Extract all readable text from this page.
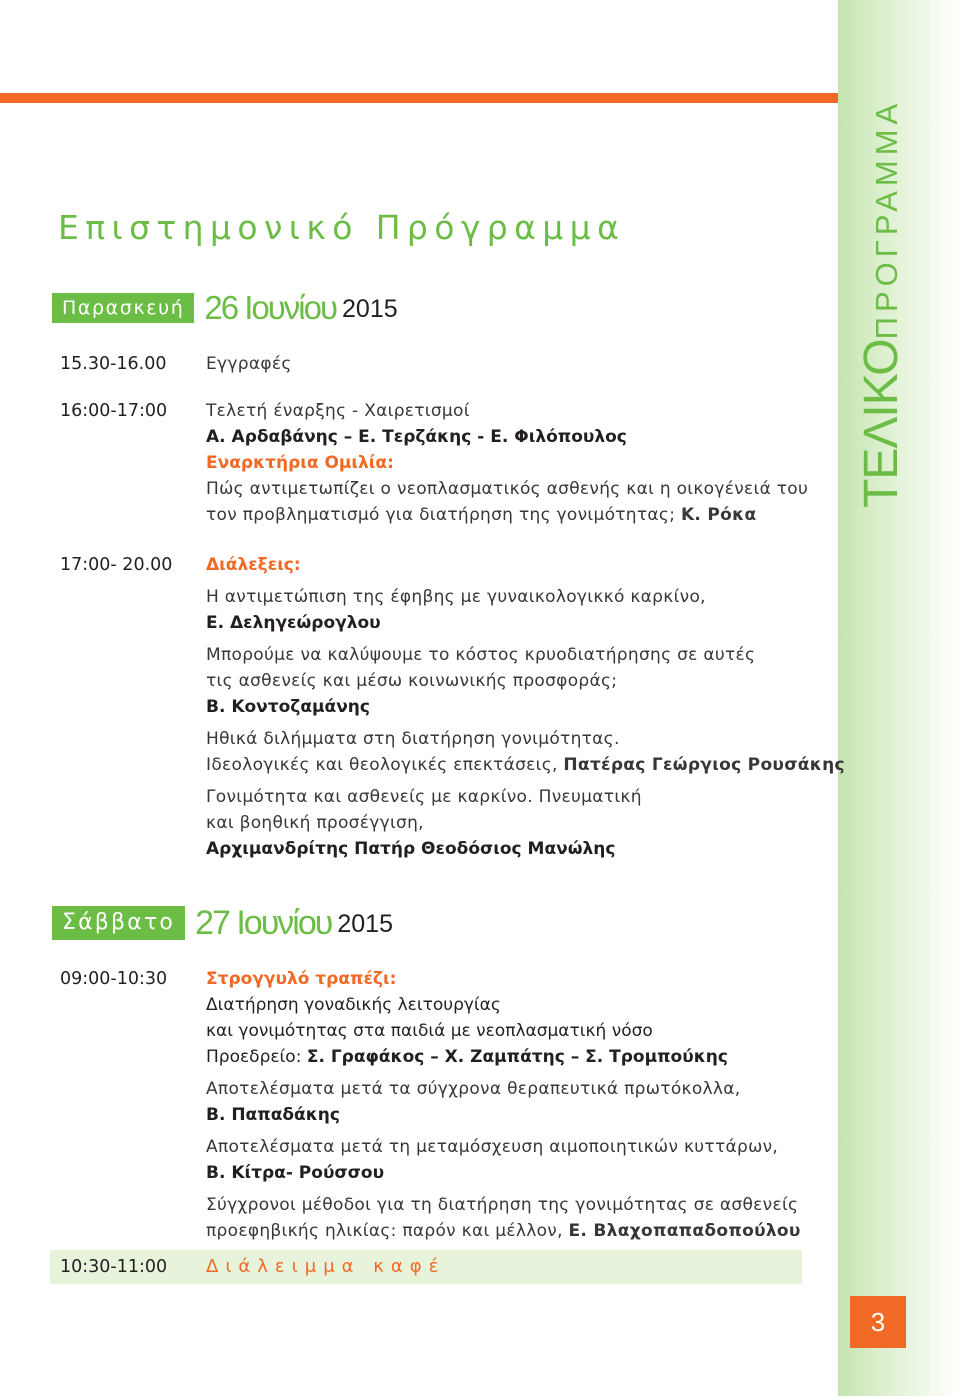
ΤΕΛΙΚΟΠΡΟΓΡΑΜΜΑ
3
Επιστημονικό Πρόγραμμα
Παρασκευή 26 Ιουνίου 2015
15.30-16.00 Εγγραφές

16:00-17:00 Τελετή έναρξης - Χαιρετισμοί

Α. Αρδαβάνης – Ε. Τερζάκης - Ε. Φιλόπουλος

Εναρκτήρια Ομιλία:

Πώς αντιμετωπίζει ο νεοπλασματικός ασθενής και η οικογένειά του

τον προβληματισμό για διατήρηση της γονιμότητας; Κ. Ρόκα

17:00- 20.00 Διάλεξεις:

Η αντιμετώπιση της έφηβης με γυναικολογικκό καρκίνο,

Ε. Δεληγεώρογλου

Μπορούμε να καλύψουμε το κόστος κρυοδιατήρησης σε αυτές

τις ασθενείς και μέσω κοινωνικής προσφοράς;

Β. Κοντοζαμάνης

Ηθικά διλήμματα στη διατήρηση γονιμότητας.

Ιδεολογικές και θεολογικές επεκτάσεις, Πατέρας Γεώργιος Ρουσάκης

Γονιμότητα και ασθενείς με καρκίνο. Πνευματική

και βοηθική προσέγγιση,

Αρχιμανδρίτης Πατήρ Θεοδόσιος Μανώλης

Σάββατο 27 Ιουνίου 2015
09:00-10:30 Στρογγυλό τραπέζι:

Διατήρηση γοναδικής λειτουργίας

και γονιμότητας στα παιδιά με νεοπλασματική νόσο

Προεδρείο: Σ. Γραφάκος – Χ. Ζαμπάτης – Σ. Τρομπούκης

Αποτελέσματα μετά τα σύγχρονα θεραπευτικά πρωτόκολλα,

Β. Παπαδάκης

Αποτελέσματα μετά τη μεταμόσχευση αιμοποιητικών κυττάρων,

Β. Κίτρα- Ρούσσου

Σύγχρονοι μέθοδοι για τη διατήρηση της γονιμότητας σε ασθενείς

προεφηβικής ηλικίας: παρόν και μέλλον, Ε. Βλαχοπαπαδοπούλου

10:30-11:00 Διάλειμμα καφέ
